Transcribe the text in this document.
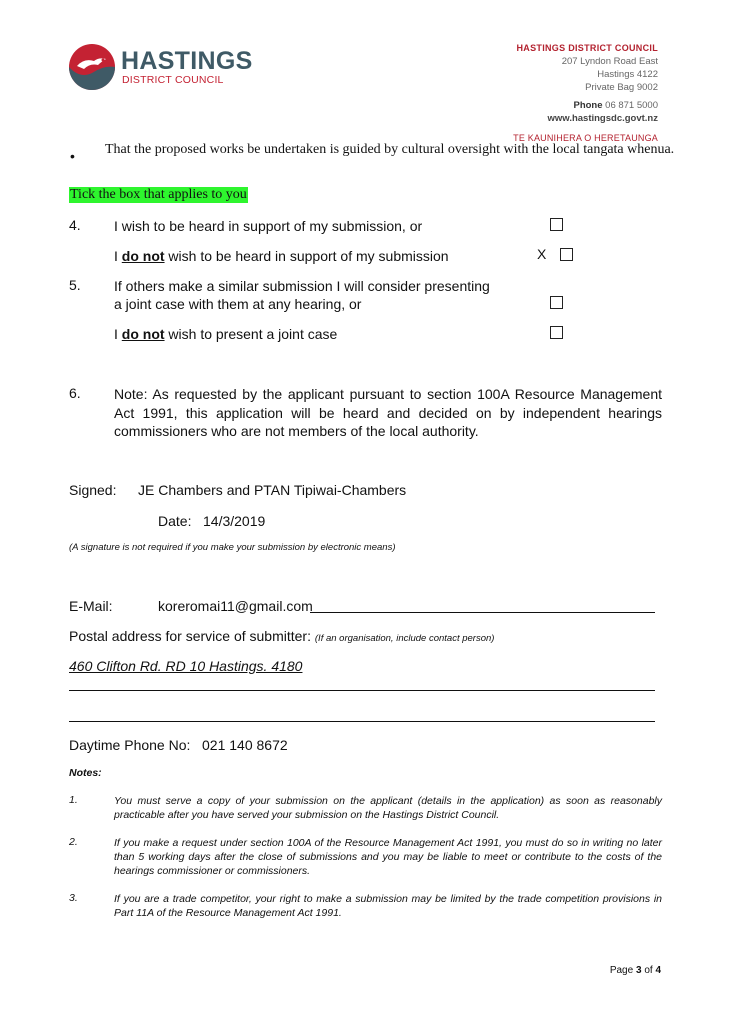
HASTINGS
DISTRICT COUNCIL
HASTINGS DISTRICT COUNCIL
207 Lyndon Road East
Hastings 4122
Private Bag 9002
Phone 06 871 5000
www.hastingsdc.govt.nz
TE KAUNIHERA O HERETAUNGA
• That the proposed works be undertaken is guided by cultural oversight with the local tangata whenua.
Tick the box that applies to you
4. I wish to be heard in support of my submission, or
I do not wish to be heard in support of my submission	X
5. If others make a similar submission I will consider presenting
a joint case with them at any hearing, or
I do not wish to present a joint case
6. Note: As requested by the applicant pursuant to section 100A Resource Management Act 1991, this application will be heard and decided on by independent hearings commissioners who are not members of the local authority.
Signed: JE Chambers and PTAN Tipiwai-Chambers
Date: 14/3/2019
(A signature is not required if you make your submission by electronic means)
E-Mail:	koreromai11@gmail.com
Postal address for service of submitter: (If an organisation, include contact person)
460 Clifton Rd. RD 10 Hastings. 4180
Daytime Phone No: 021 140 8672
Notes:
1.	You must serve a copy of your submission on the applicant (details in the application) as soon as reasonably practicable after you have served your submission on the Hastings District Council.
2.	If you make a request under section 100A of the Resource Management Act 1991, you must do so in writing no later than 5 working days after the close of submissions and you may be liable to meet or contribute to the costs of the hearings commissioner or commissioners.
3.	If you are a trade competitor, your right to make a submission may be limited by the trade competition provisions in Part 11A of the Resource Management Act 1991.
Page 3 of 4
